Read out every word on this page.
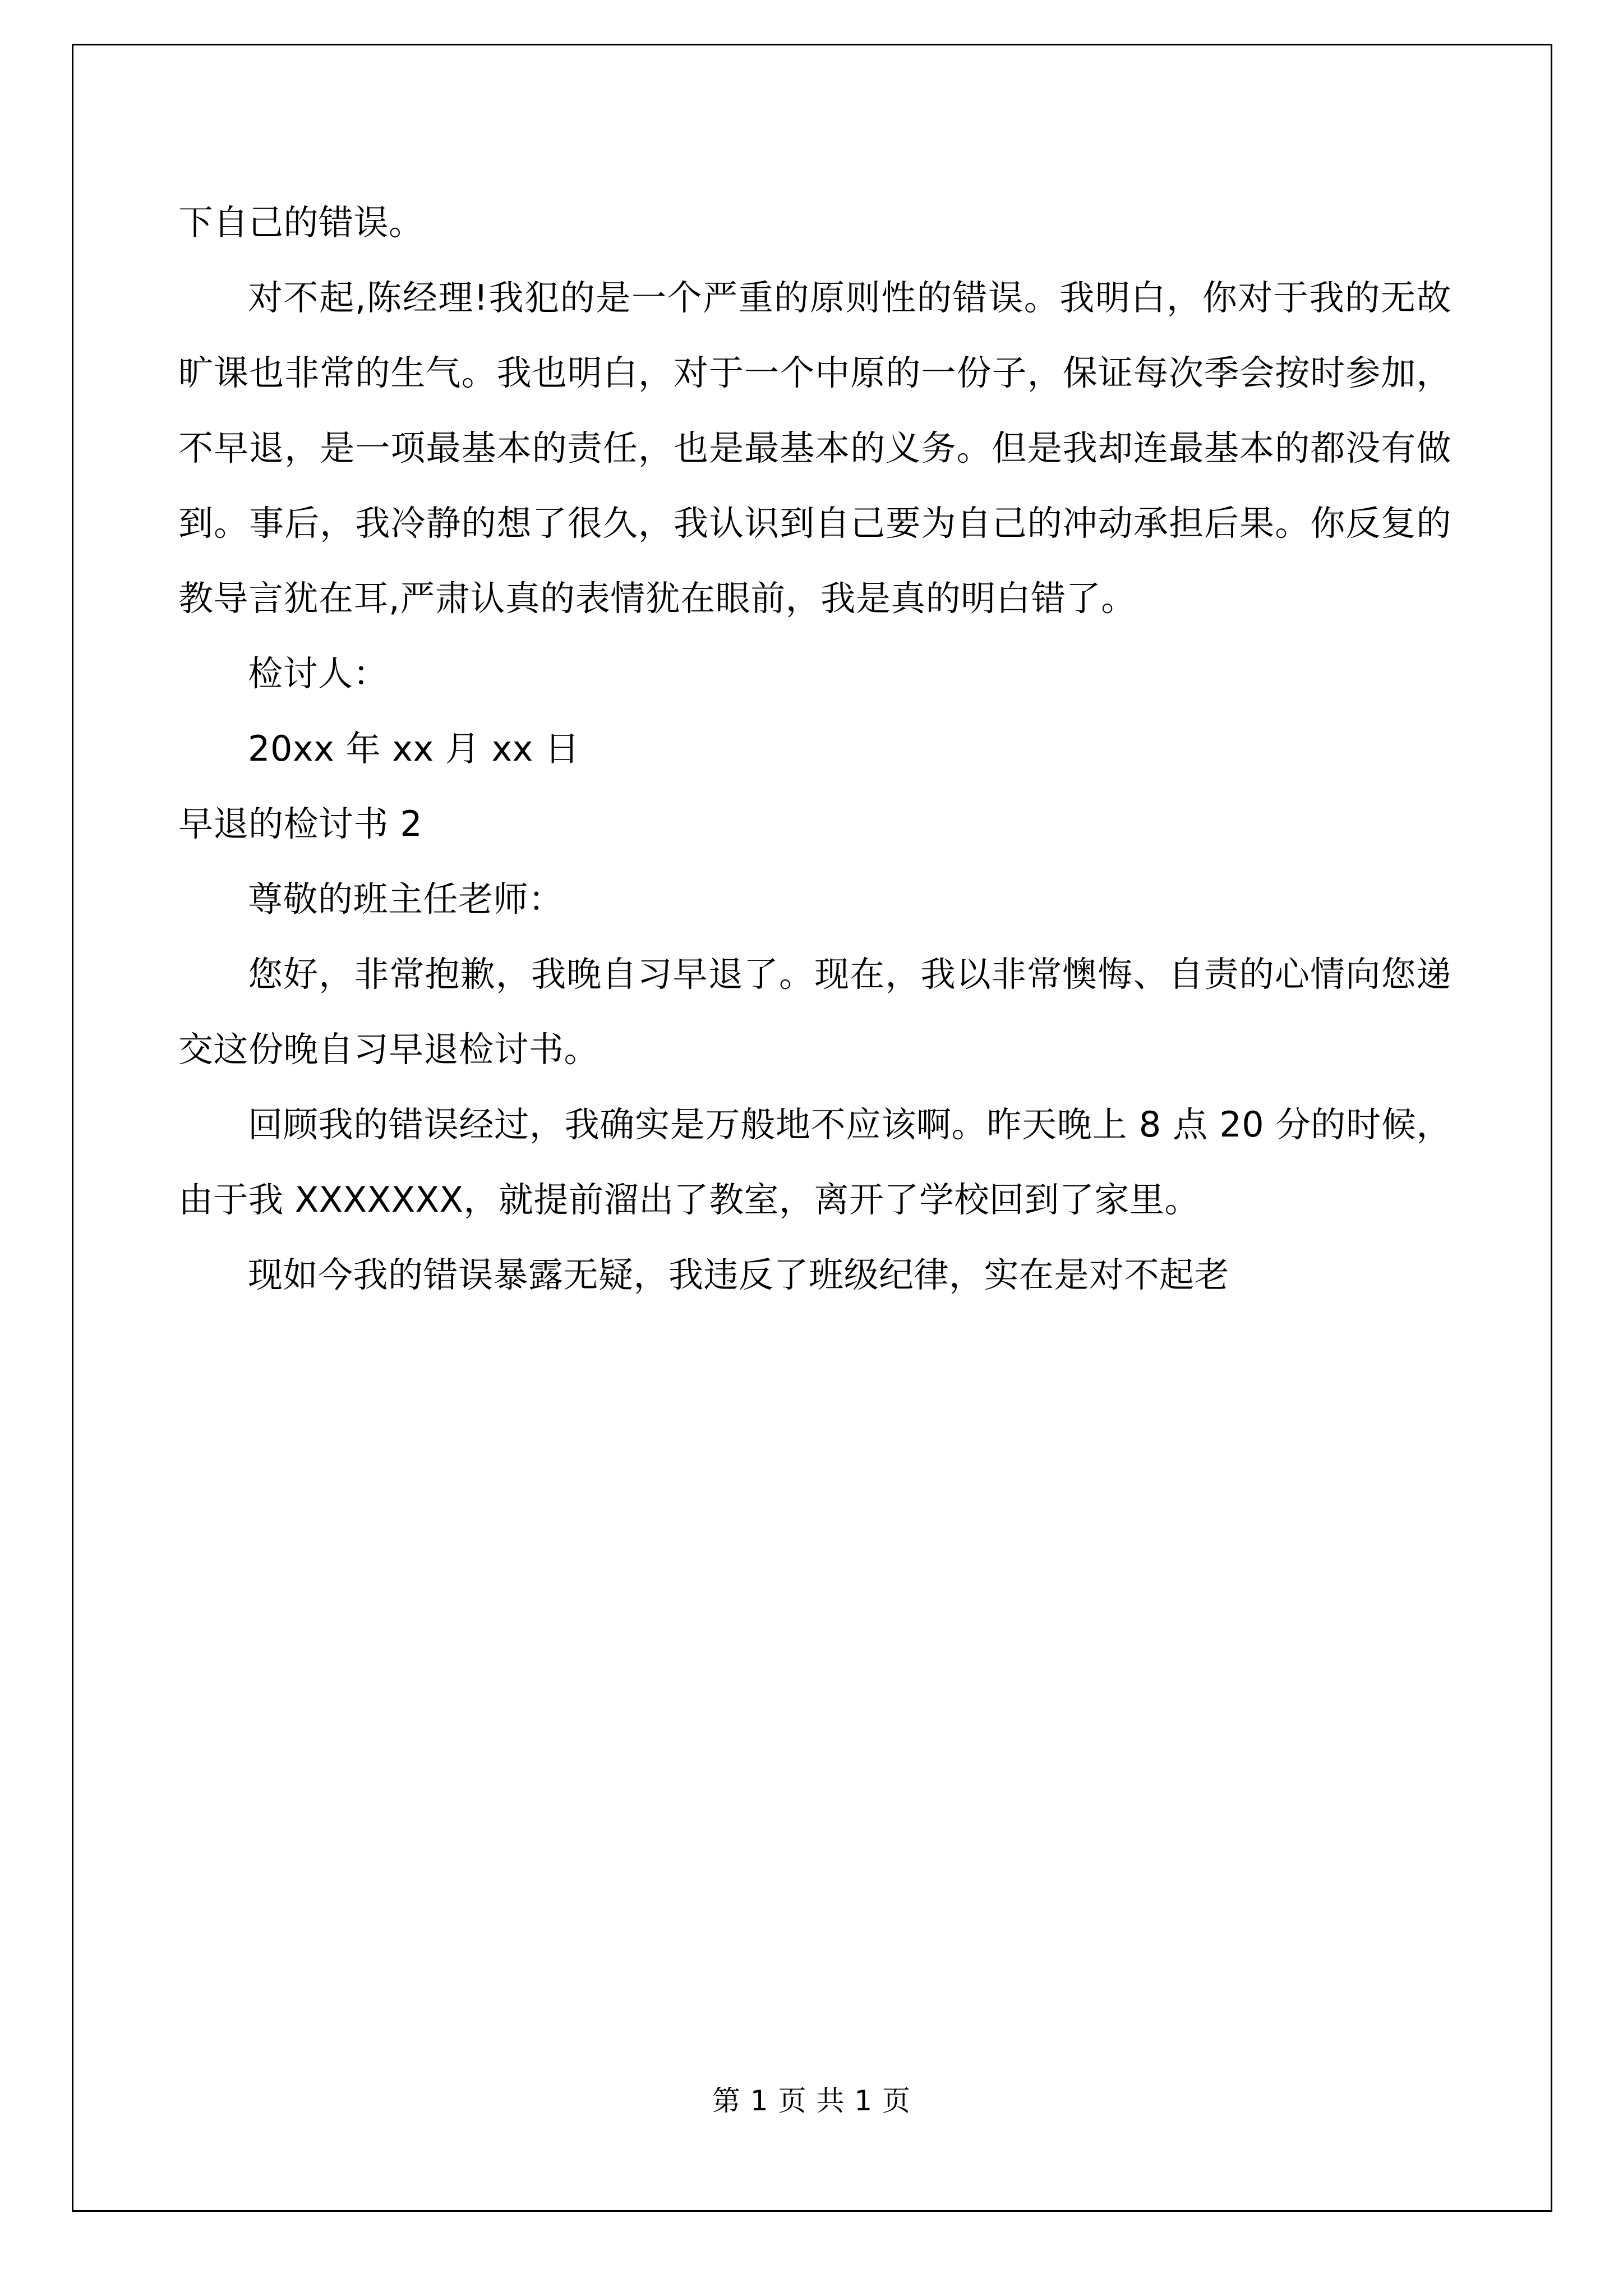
下自己的错误。

对不起,陈经理!我犯的是一个严重的原则性的错误。我明白，你对于我的无故旷课也非常的生气。我也明白，对于一个中原的一份子，保证每次季会按时参加，不早退，是一项最基本的责任，也是最基本的义务。但是我却连最基本的都没有做到。事后，我冷静的想了很久，我认识到自己要为自己的冲动承担后果。你反复的教导言犹在耳,严肃认真的表情犹在眼前，我是真的明白错了。

检讨人：

20xx 年 xx 月 xx 日

早退的检讨书 2

尊敬的班主任老师：

您好，非常抱歉，我晚自习早退了。现在，我以非常懊悔、自责的心情向您递交这份晚自习早退检讨书。

回顾我的错误经过，我确实是万般地不应该啊。昨天晚上 8 点 20 分的时候，由于我 XXXXXXX，就提前溜出了教室，离开了学校回到了家里。

现如今我的错误暴露无疑，我违反了班级纪律，实在是对不起老

第 1 页 共 1 页
